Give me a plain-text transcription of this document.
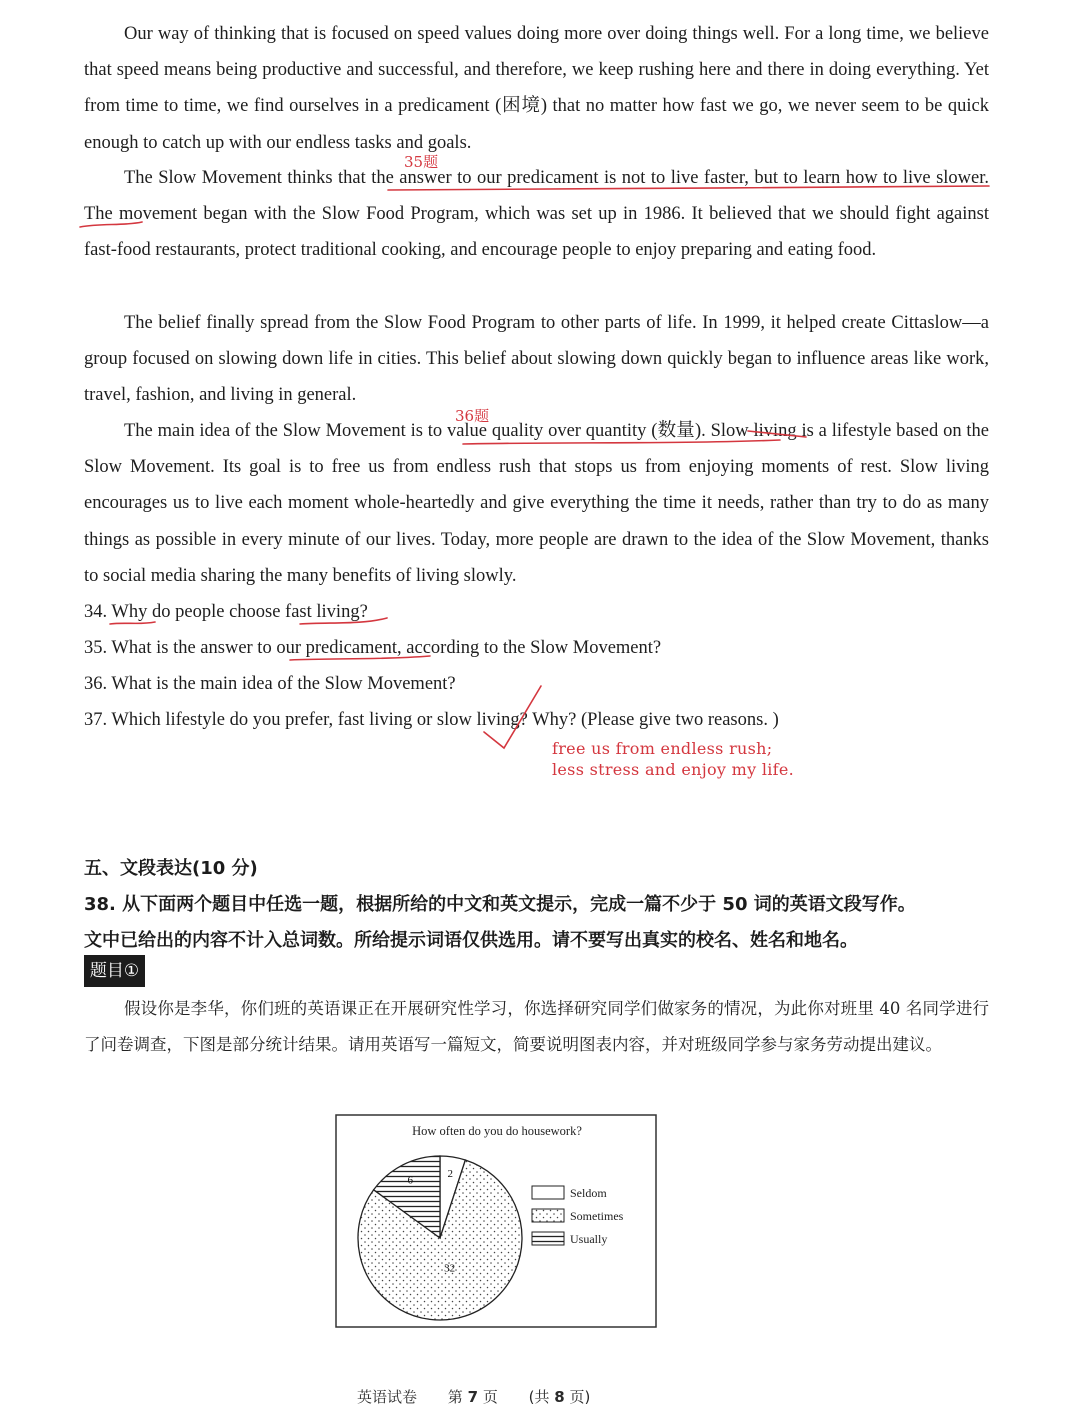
Our way of thinking that is focused on speed values doing more over doing things well. For a long time, we believe that speed means being productive and successful, and therefore, we keep rushing here and there in doing everything. Yet from time to time, we find ourselves in a predicament (困境) that no matter how fast we go, we never seem to be quick enough to catch up with our endless tasks and goals.

The Slow Movement thinks that the answer to our predicament is not to live faster, but to learn how to live slower. The movement began with the Slow Food Program, which was set up in 1986. It believed that we should fight against fast-food restaurants, protect traditional cooking, and encourage people to enjoy preparing and eating food.

The belief finally spread from the Slow Food Program to other parts of life. In 1999, it helped create Cittaslow—a group focused on slowing down life in cities. This belief about slowing down quickly began to influence areas like work, travel, fashion, and living in general.

The main idea of the Slow Movement is to value quality over quantity (数量). Slow living is a lifestyle based on the Slow Movement. Its goal is to free us from endless rush that stops us from enjoying moments of rest. Slow living encourages us to live each moment whole-heartedly and give everything the time it needs, rather than try to do as many things as possible in every minute of our lives. Today, more people are drawn to the idea of the Slow Movement, thanks to social media sharing the many benefits of living slowly.

34. Why do people choose fast living?
35. What is the answer to our predicament, according to the Slow Movement?
36. What is the main idea of the Slow Movement?
37. Which lifestyle do you prefer, fast living or slow living? Why? (Please give two reasons. )
35题
36题
free us from endless rush;
less stress and enjoy my life.
五、文段表达(10 分)
38. 从下面两个题目中任选一题，根据所给的中文和英文提示，完成一篇不少于 50 词的英语文段写作。
文中已给出的内容不计入总词数。所给提示词语仅供选用。请不要写出真实的校名、姓名和地名。
题目①

假设你是李华，你们班的英语课正在开展研究性学习，你选择研究同学们做家务的情况，为此你对班里 40 名同学进行了问卷调查，下图是部分统计结果。请用英语写一篇短文，简要说明图表内容，并对班级同学参与家务劳动提出建议。

How often do you do housework?
2
32
6
Seldom
Sometimes
Usually
英语试卷 第 7 页 (共 8 页)
